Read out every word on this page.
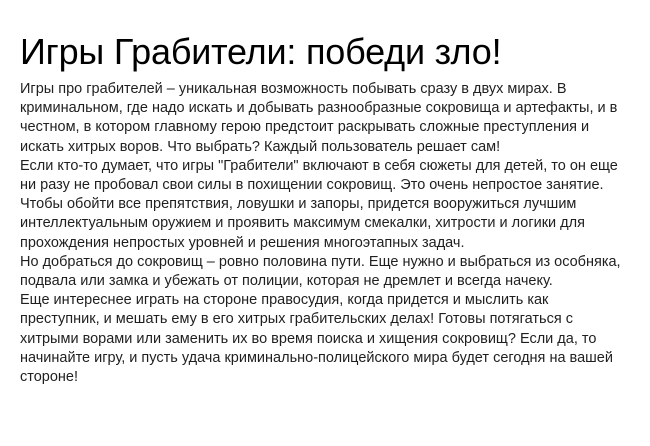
Игры Грабители: победи зло!

Игры про грабителей – уникальная возможность побывать сразу в двух мирах. В криминальном, где надо искать и добывать разнообразные сокровища и артефакты, и в честном, в котором главному герою предстоит раскрывать сложные преступления и искать хитрых воров. Что выбрать? Каждый пользователь решает сам!

Если кто-то думает, что игры "Грабители" включают в себя сюжеты для детей, то он еще ни разу не пробовал свои силы в похищении сокровищ. Это очень непростое занятие.

Чтобы обойти все препятствия, ловушки и запоры, придется вооружиться лучшим интеллектуальным оружием и проявить максимум смекалки, хитрости и логики для прохождения непростых уровней и решения многоэтапных задач.

Но добраться до сокровищ – ровно половина пути. Еще нужно и выбраться из особняка, подвала или замка и убежать от полиции, которая не дремлет и всегда начеку.

Еще интереснее играть на стороне правосудия, когда придется и мыслить как преступник, и мешать ему в его хитрых грабительских делах! Готовы потягаться с хитрыми ворами или заменить их во время поиска и хищения сокровищ? Если да, то начинайте игру, и пусть удача криминально-полицейского мира будет сегодня на вашей стороне!
